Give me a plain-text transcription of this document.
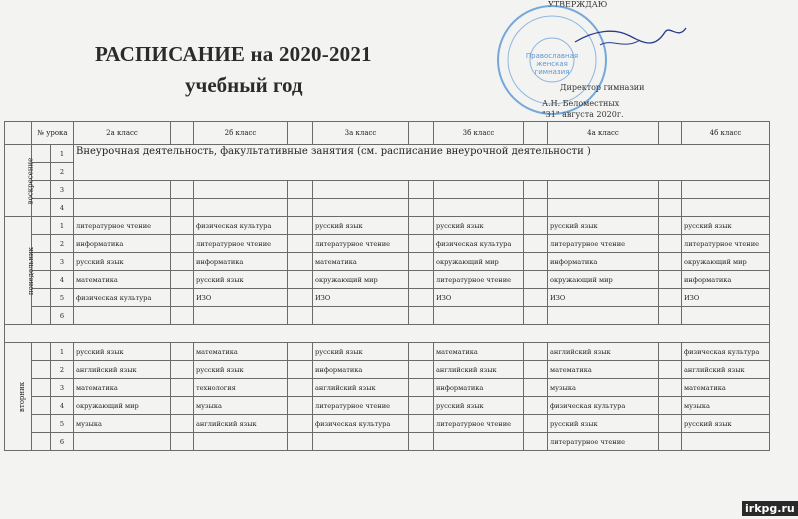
РАСПИСАНИЕ на 2020-2021
учебный год
УТВЕРЖДАЮ
Православная
женская
гимназия
Директор гимназии
А.Н. Беломестных
"31" августа 2020г.
	№ урока		2а класс		2б класс		3а класс		3б класс		4а класс		4б класс
воскресение		1	Внеурочная деятельность, факультативные занятия (см. расписание внеурочной деятельности )										
		2											
		3											
		4											
понедельник		1	литературное чтение		физическая культура		русский язык		русский язык		русский язык		русский язык
		2	информатика		литературное чтение		литературное чтение		физическая культура		литературное чтение		литературное чтение
		3	русский язык		информатика		математика		окружающий мир		информатика		окружающий мир
		4	математика		русский язык		окружающий мир		литературное чтение		окружающий мир		информатика
		5	физическая культура		ИЗО		ИЗО		ИЗО		ИЗО		ИЗО
		6											

вторник		1	русский язык		математика		русский язык		математика		английский язык		физическая культура
		2	английский язык		русский язык		информатика		английский язык		математика		английский язык
		3	математика		технология		английский язык		информатика		музыка		математика
		4	окружающий мир		музыка		литературное чтение		русский язык		физическая культура		музыка
		5	музыка		английский язык		физическая культура		литературное чтение		русский язык		русский язык
		6									литературное чтение		
irkpg.ru
